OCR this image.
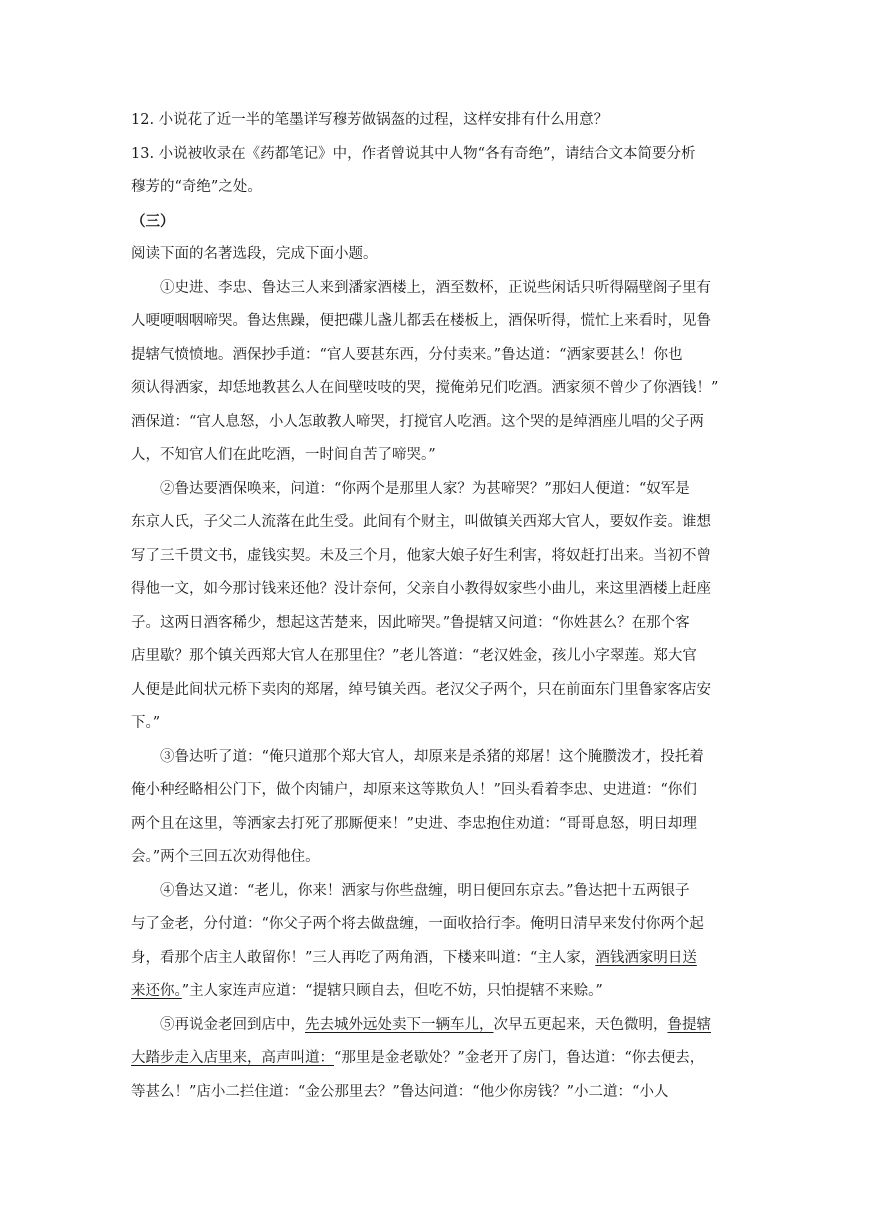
12. 小说花了近一半的笔墨详写穆芳做锅盔的过程，这样安排有什么用意？
13. 小说被收录在《药都笔记》中，作者曾说其中人物“各有奇绝”，请结合文本简要分析
穆芳的“奇绝”之处。
（三）
阅读下面的名著选段，完成下面小题。
①史进、李忠、鲁达三人来到潘家酒楼上，酒至数杯，正说些闲话只听得隔壁阁子里有
人哽哽咽咽啼哭。鲁达焦躁，便把碟儿盏儿都丢在楼板上，酒保听得，慌忙上来看时，见鲁
提辖气愤愤地。酒保抄手道：“官人要甚东西，分付卖来。”鲁达道：“洒家要甚么！你也
须认得洒家，却恁地教甚么人在间壁吱吱的哭，搅俺弟兄们吃酒。洒家须不曾少了你酒钱！”
酒保道：“官人息怒，小人怎敢教人啼哭，打搅官人吃酒。这个哭的是绰酒座儿唱的父子两
人，不知官人们在此吃酒，一时间自苦了啼哭。”
②鲁达要酒保唤来，问道：“你两个是那里人家？为甚啼哭？”那妇人便道：“奴军是
东京人氏，子父二人流落在此生受。此间有个财主，叫做镇关西郑大官人，要奴作妾。谁想
写了三千贯文书，虚钱实契。未及三个月，他家大娘子好生利害，将奴赶打出来。当初不曾
得他一文，如今那讨钱来还他？没计奈何，父亲自小教得奴家些小曲儿，来这里酒楼上赶座
子。这两日酒客稀少，想起这苦楚来，因此啼哭。”鲁提辖又问道：“你姓甚么？在那个客
店里歇？那个镇关西郑大官人在那里住？”老儿答道：“老汉姓金，孩儿小字翠莲。郑大官
人便是此间状元桥下卖肉的郑屠，绰号镇关西。老汉父子两个，只在前面东门里鲁家客店安
下。”
③鲁达听了道：“俺只道那个郑大官人，却原来是杀猪的郑屠！这个腌臜泼才，投托着
俺小种经略相公门下，做个肉铺户，却原来这等欺负人！”回头看着李忠、史进道：“你们
两个且在这里，等洒家去打死了那厮便来！”史进、李忠抱住劝道：“哥哥息怒，明日却理
会。”两个三回五次劝得他住。
④鲁达又道：“老儿，你来！洒家与你些盘缠，明日便回东京去。”鲁达把十五两银子
与了金老，分付道：“你父子两个将去做盘缠，一面收拾行李。俺明日清早来发付你两个起
身，看那个店主人敢留你！”三人再吃了两角酒，下楼来叫道：“主人家，酒钱洒家明日送
来还你。”主人家连声应道：“提辖只顾自去，但吃不妨，只怕提辖不来赊。”
⑤再说金老回到店中，先去城外远处卖下一辆车儿，次早五更起来，天色微明，鲁提辖
大踏步走入店里来，高声叫道：“那里是金老歇处？”金老开了房门，鲁达道：“你去便去，
等甚么！”店小二拦住道：“金公那里去？”鲁达问道：“他少你房钱？”小二道：“小人
